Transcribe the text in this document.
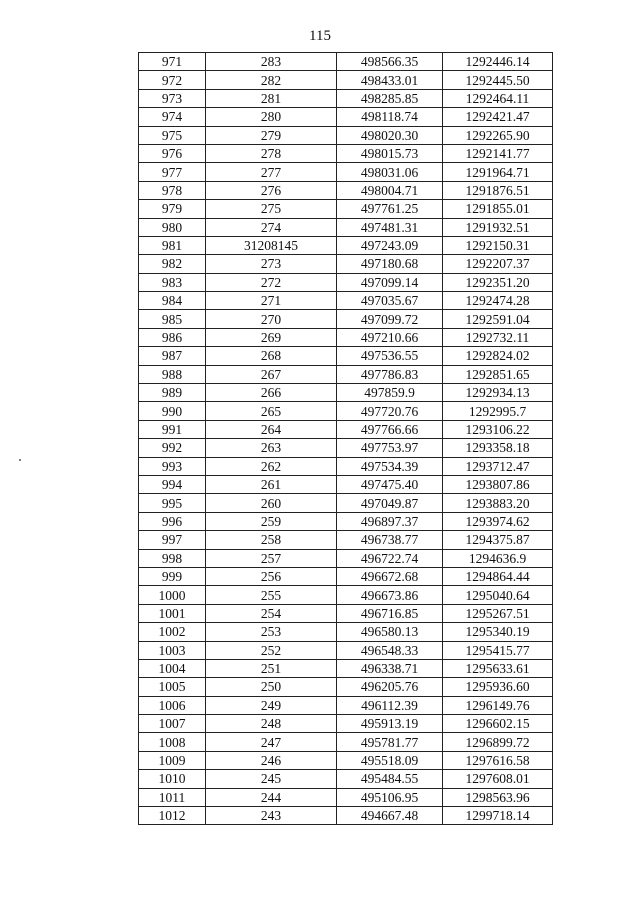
115
971	283	498566.35	1292446.14
972	282	498433.01	1292445.50
973	281	498285.85	1292464.11
974	280	498118.74	1292421.47
975	279	498020.30	1292265.90
976	278	498015.73	1292141.77
977	277	498031.06	1291964.71
978	276	498004.71	1291876.51
979	275	497761.25	1291855.01
980	274	497481.31	1291932.51
981	31208145	497243.09	1292150.31
982	273	497180.68	1292207.37
983	272	497099.14	1292351.20
984	271	497035.67	1292474.28
985	270	497099.72	1292591.04
986	269	497210.66	1292732.11
987	268	497536.55	1292824.02
988	267	497786.83	1292851.65
989	266	497859.9	1292934.13
990	265	497720.76	1292995.7
991	264	497766.66	1293106.22
992	263	497753.97	1293358.18
993	262	497534.39	1293712.47
994	261	497475.40	1293807.86
995	260	497049.87	1293883.20
996	259	496897.37	1293974.62
997	258	496738.77	1294375.87
998	257	496722.74	1294636.9
999	256	496672.68	1294864.44
1000	255	496673.86	1295040.64
1001	254	496716.85	1295267.51
1002	253	496580.13	1295340.19
1003	252	496548.33	1295415.77
1004	251	496338.71	1295633.61
1005	250	496205.76	1295936.60
1006	249	496112.39	1296149.76
1007	248	495913.19	1296602.15
1008	247	495781.77	1296899.72
1009	246	495518.09	1297616.58
1010	245	495484.55	1297608.01
1011	244	495106.95	1298563.96
1012	243	494667.48	1299718.14
